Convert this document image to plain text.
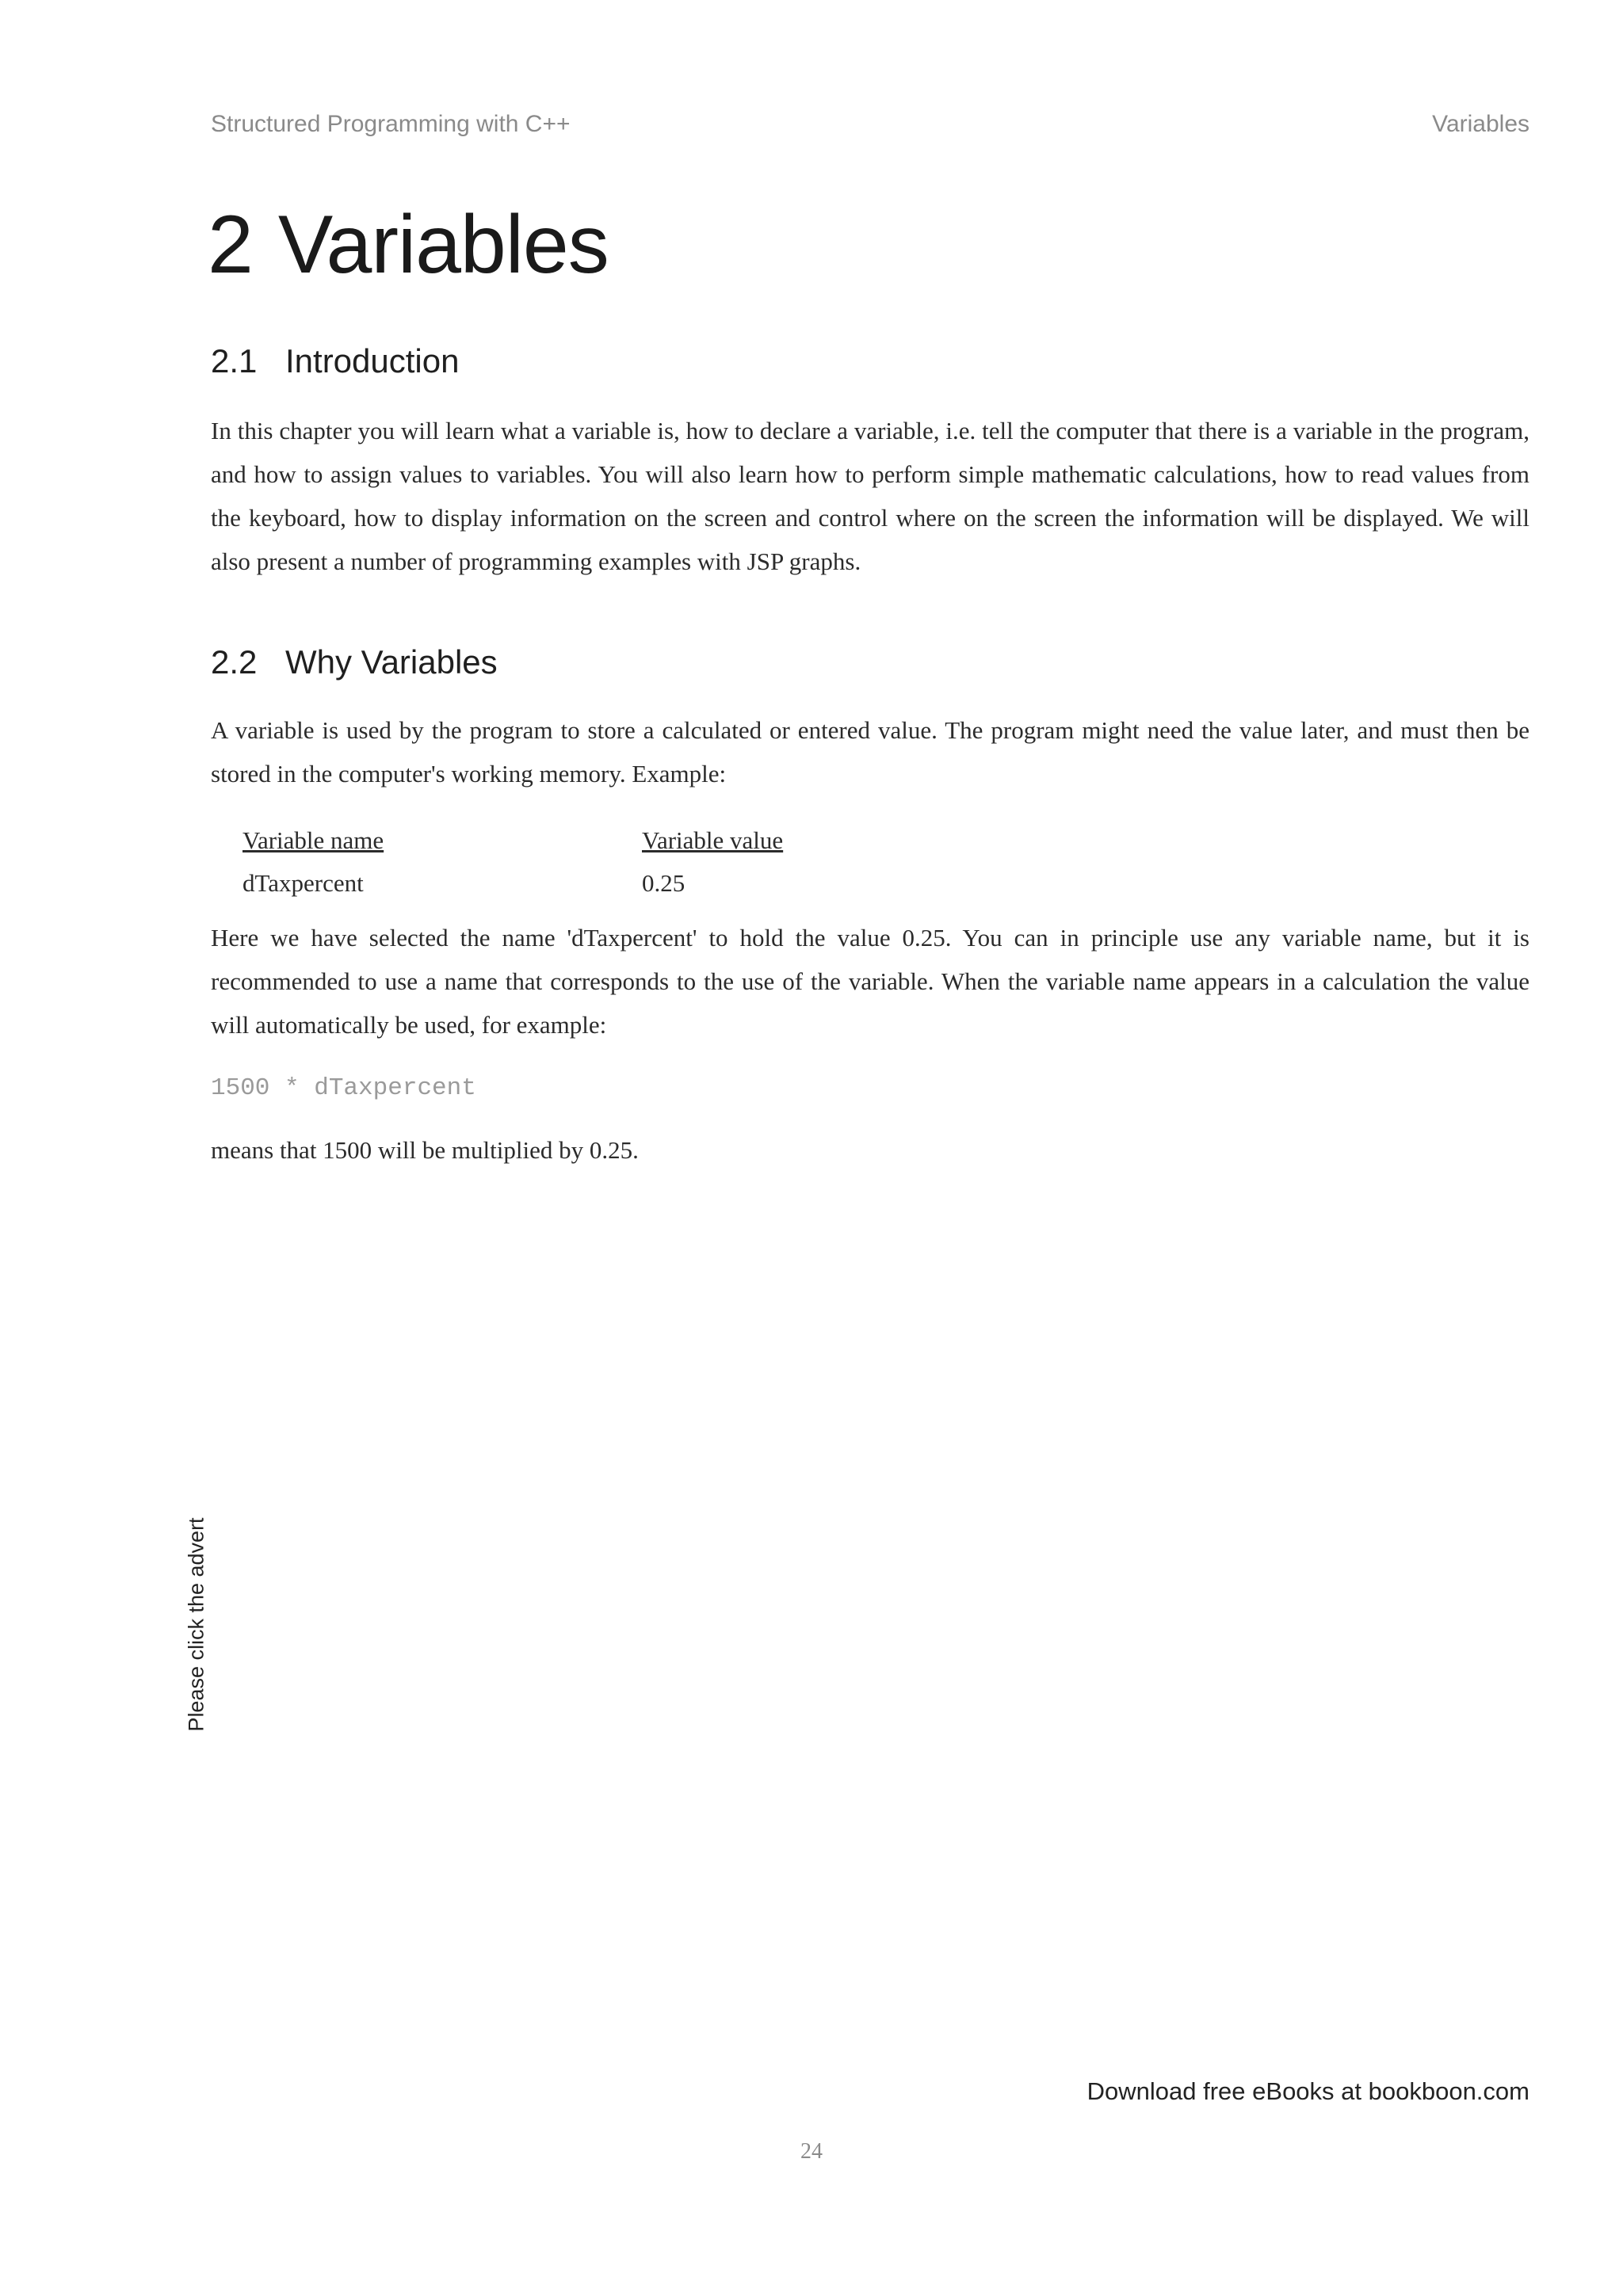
Structured Programming with C++	Variables
2 Variables
2.1 Introduction

In this chapter you will learn what a variable is, how to declare a variable, i.e. tell the computer that there is a variable in the program, and how to assign values to variables. You will also learn how to perform simple mathematic calculations, how to read values from the keyboard, how to display information on the screen and control where on the screen the information will be displayed. We will also present a number of programming examples with JSP graphs.

2.2 Why Variables

A variable is used by the program to store a calculated or entered value. The program might need the value later, and must then be stored in the computer's working memory. Example:

Variable name	Variable value
dTaxpercent	0.25

Here we have selected the name 'dTaxpercent' to hold the value 0.25. You can in principle use any variable name, but it is recommended to use a name that corresponds to the use of the variable. When the variable name appears in a calculation the value will automatically be used, for example:

1500 * dTaxpercent

means that 1500 will be multiplied by 0.25.

Please click the advert
Download free eBooks at bookboon.com
24
